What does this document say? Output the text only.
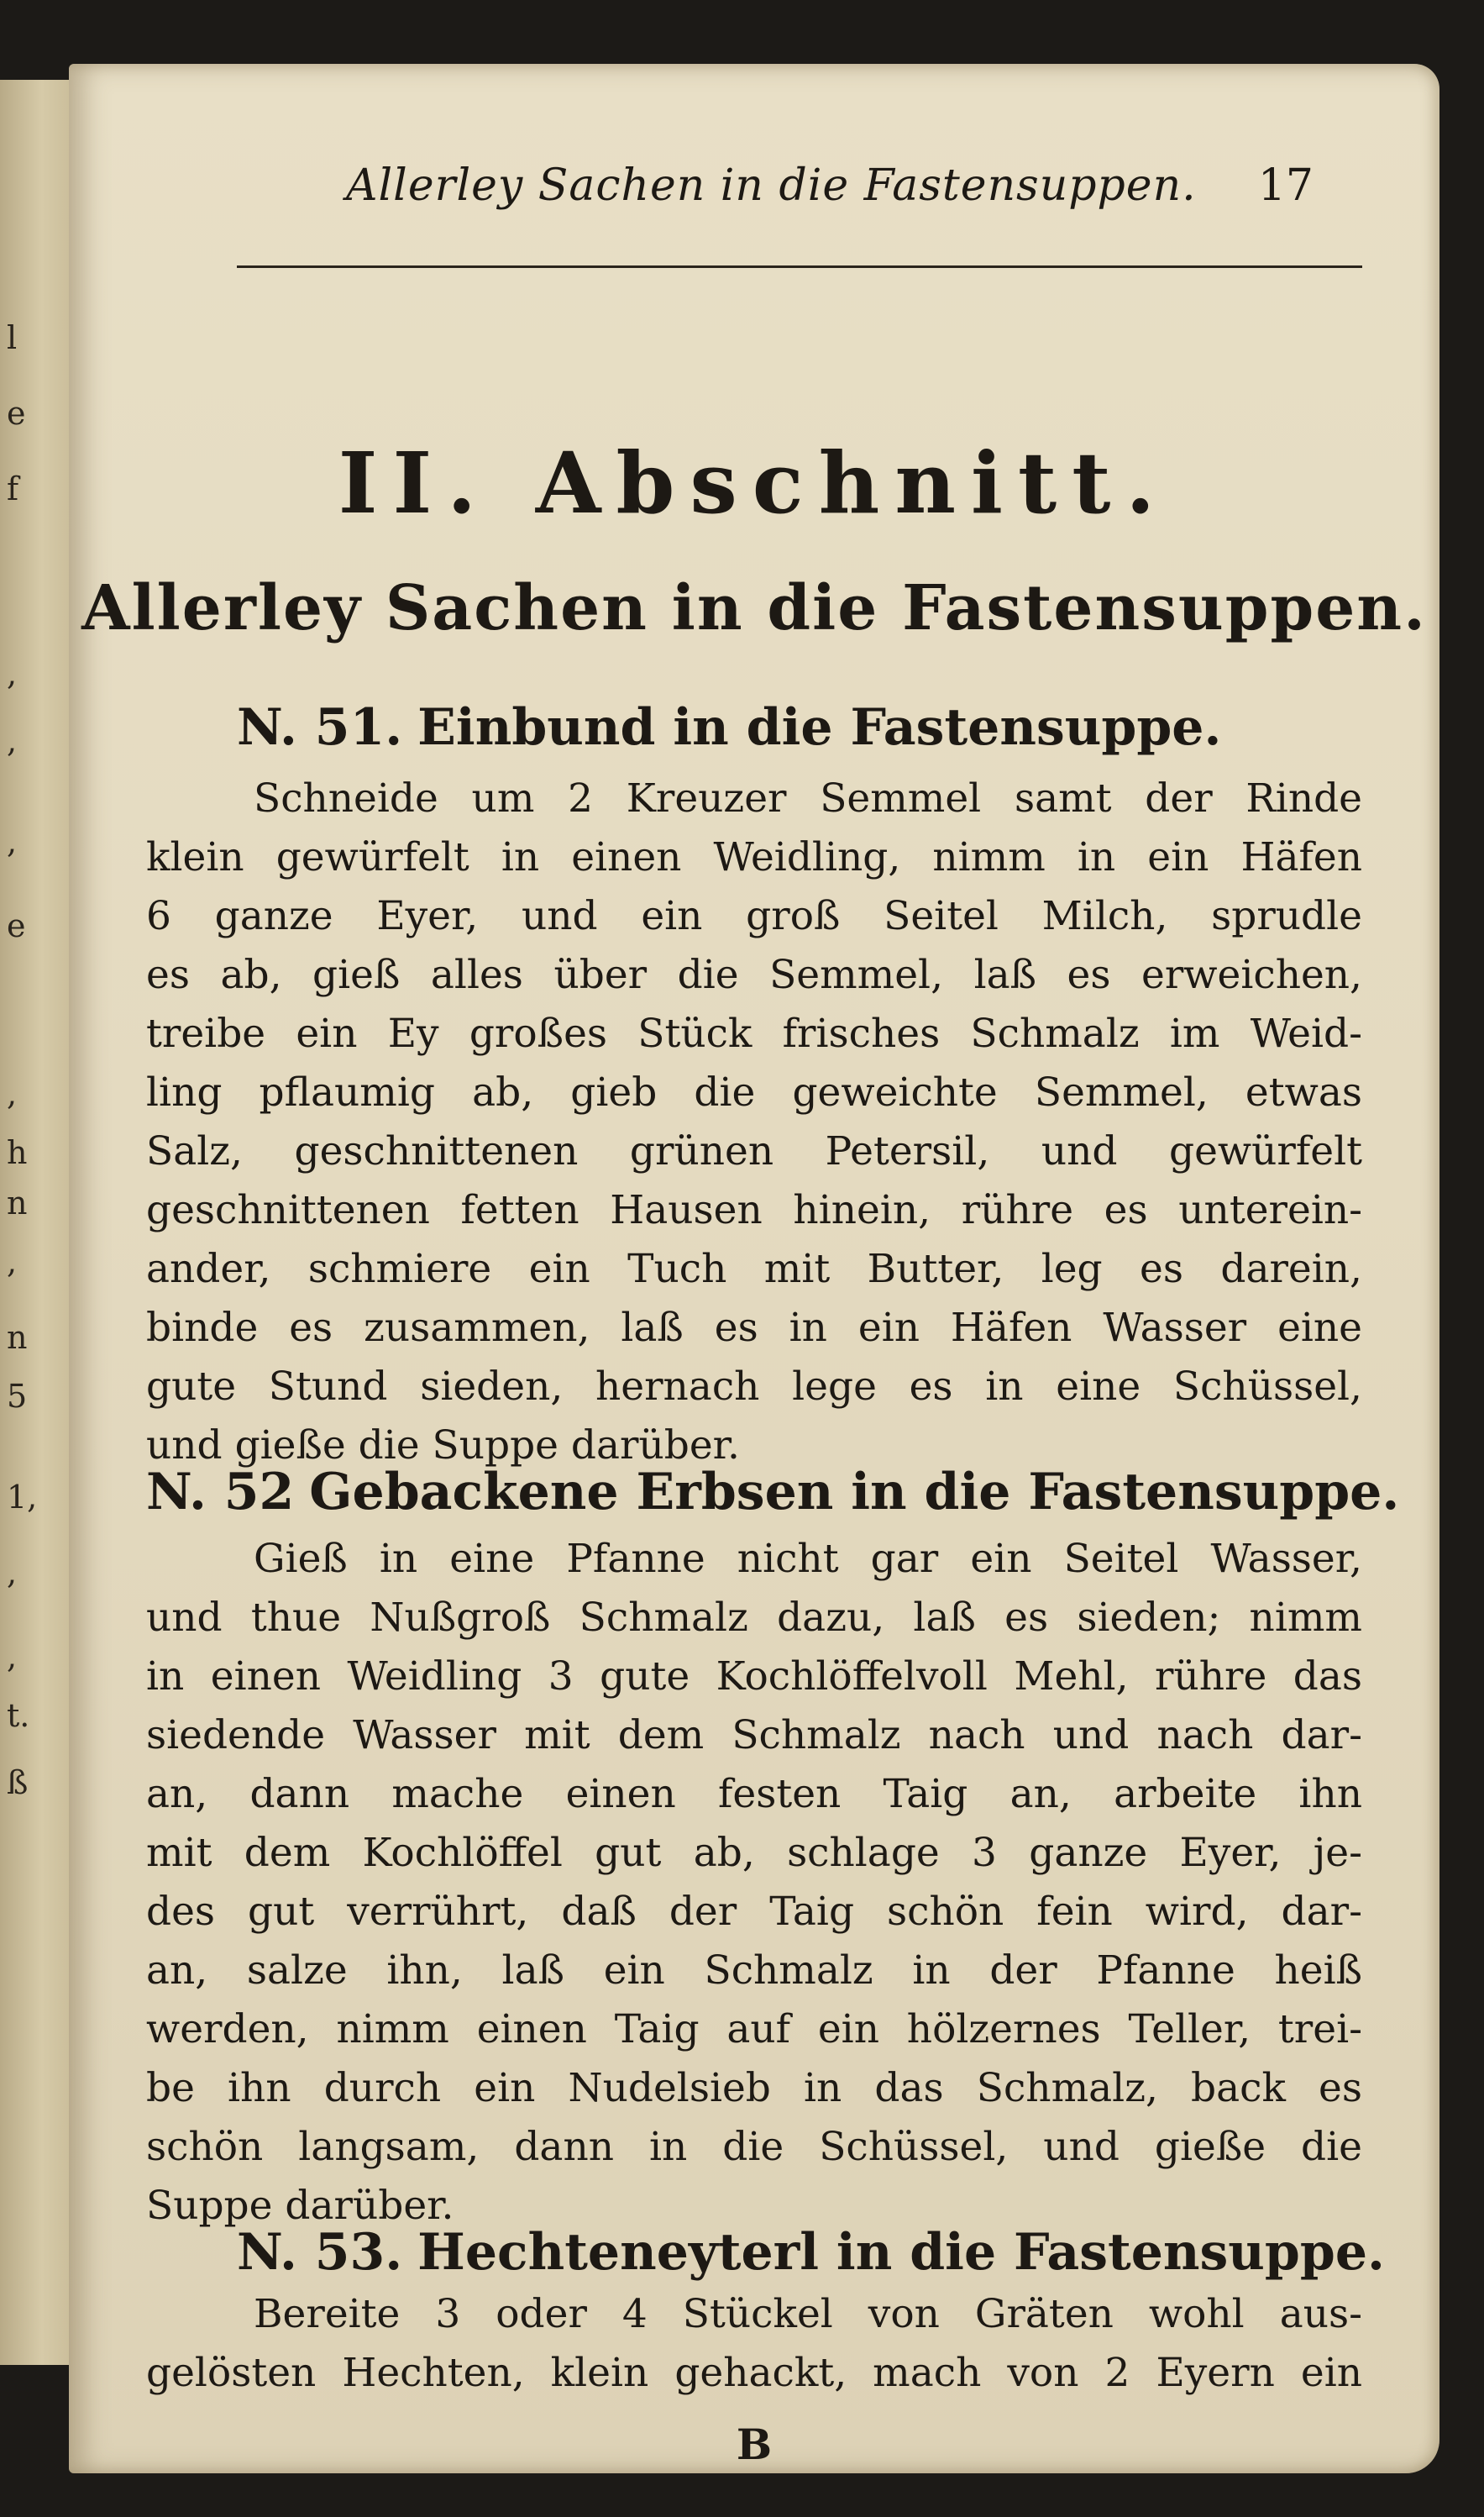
l
e
f
,
,
,
e
,
h
n
,
n
5
1,
,
,
t.
ß
Allerley Sachen in die Fastensuppen. 17
II. Abschnitt.
Allerley Sachen in die Fastensuppen.
N. 51. Einbund in die Fastensuppe.
Schneide um 2 Kreuzer Semmel samt der Rinde
klein gewürfelt in einen Weidling, nimm in ein Häfen
6 ganze Eyer, und ein groß Seitel Milch, sprudle
es ab, gieß alles über die Semmel, laß es erweichen,
treibe ein Ey großes Stück frisches Schmalz im Weid-
ling pflaumig ab, gieb die geweichte Semmel, etwas
Salz, geschnittenen grünen Petersil, und gewürfelt
geschnittenen fetten Hausen hinein, rühre es unterein-
ander, schmiere ein Tuch mit Butter, leg es darein,
binde es zusammen, laß es in ein Häfen Wasser eine
gute Stund sieden, hernach lege es in eine Schüssel,
und gieße die Suppe darüber.
N. 52 Gebackene Erbsen in die Fastensuppe.
Gieß in eine Pfanne nicht gar ein Seitel Wasser,
und thue Nußgroß Schmalz dazu, laß es sieden; nimm
in einen Weidling 3 gute Kochlöffelvoll Mehl, rühre das
siedende Wasser mit dem Schmalz nach und nach dar-
an, dann mache einen festen Taig an, arbeite ihn
mit dem Kochlöffel gut ab, schlage 3 ganze Eyer, je-
des gut verrührt, daß der Taig schön fein wird, dar-
an, salze ihn, laß ein Schmalz in der Pfanne heiß
werden, nimm einen Taig auf ein hölzernes Teller, trei-
be ihn durch ein Nudelsieb in das Schmalz, back es
schön langsam, dann in die Schüssel, und gieße die
Suppe darüber.
N. 53. Hechteneyterl in die Fastensuppe.
Bereite 3 oder 4 Stückel von Gräten wohl aus-
gelösten Hechten, klein gehackt, mach von 2 Eyern ein
B
